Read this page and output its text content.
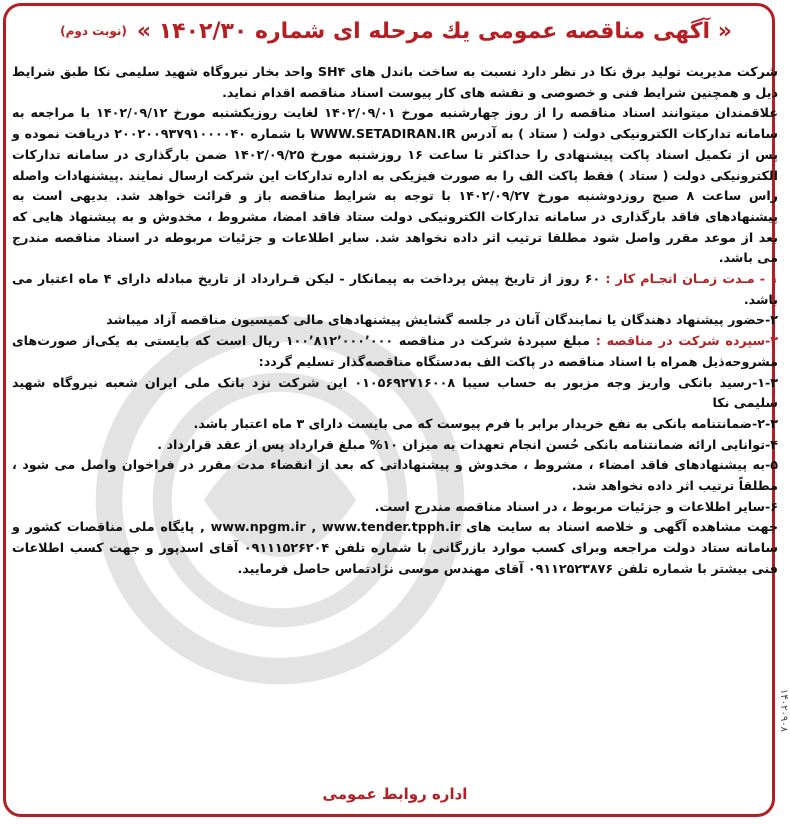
« آگهی مناقصه عمومی یك مرحله ای شماره ۱۴۰۲/۳۰ »
(نوبت دوم)

شرکت مدیریت تولید برق نکا در نظر دارد نسبت به ساخت باندل های SH۴ واحد بخار نیروگاه شهید سلیمی نکا طبق شرایط ذیل و همچنین شرایط فنی و خصوصی و نقشه های کار پیوست اسناد مناقصه اقدام نماید.

علاقمندان میتوانند اسناد مناقصه را از روز چهارشنبه مورخ ۱۴۰۲/۰۹/۰۱ لغایت روزیکشنبه مورخ ۱۴۰۲/۰۹/۱۲ با مراجعه به سامانه تدارکات الکترونیکی دولت ( ستاد ) به آدرس WWW.SETADIRAN.IR با شماره ۲۰۰۲۰۰۹۳۷۹۱۰۰۰۰۴۰ دریافت نموده و پس از تکمیل اسناد پاکت پیشنهادی را حداکثر تا ساعت ۱۶ روزشنبه مورخ ۱۴۰۲/۰۹/۲۵ ضمن بارگذاری در سامانه تدارکات الکترونیکی دولت ( ستاد ) فقط پاکت الف را به صورت فیزیکی به اداره تدارکات این شرکت ارسال نمایند .پیشنهادات واصله راس ساعت ۸ صبح روزدوشنبه مورخ ۱۴۰۲/۰۹/۲۷ با توجه به شرایط مناقصه باز و قرائت خواهد شد. بدیهی است به پیشنهادهای فاقد بارگذاری در سامانه تدارکات الکترونیکی دولت ستاد فاقد امضا، مشروط ، مخدوش و به پیشنهاد هایی که بعد از موعد مقرر واصل شود مطلقا ترتیب اثر داده نخواهد شد. سایر اطلاعات و جزئیات مربوطه در اسناد مناقصه مندرج می باشد.

۱ - مـدت زمـان انجـام کار : ۶۰ روز از تاریخ پیش پرداخت به پیمانکار - لیکن قـرارداد از تاریخ مبادله دارای ۴ ماه اعتبار می باشد.

۲-حضور پیشنهاد دهندگان یا نمایندگان آنان در جلسه گشایش پیشنهادهای مالی کمیسیون مناقصه آزاد میباشد

۳-سپرده شرکت در مناقصه : مبلغ سپردهٔ شرکت در مناقصه ۱۰۰٬۸۱۲٬۰۰۰٬۰۰۰ ریال است که بایستی به یکی‌از صورت‌های مشروحه‌ذیل همراه با اسناد مناقصه در پاکت الف به‌دستگاه مناقصه‌گذار تسلیم گردد:

۱-۳-رسید بانکی واریز وجه مزبور به حساب سیبا ۰۱۰۵۶۹۲۷۱۶۰۰۸ این شرکت نزد بانک ملی ایران شعبه نیروگاه شهید سلیمی نکا

۲-۳-ضمانتنامه بانکی به نفع خریدار برابر با فرم پیوست که می بایست دارای ۳ ماه اعتبار باشد.

۴-توانایی ارائه ضمانتنامه بانکی حُسن انجام تعهدات به میزان ۱۰% مبلغ قرارداد پس از عقد قرارداد .

۵-به پیشنهادهای فاقد امضاء ، مشروط ، مخدوش و پیشنهاداتی که بعد از انقضاء مدت مقرر در فراخوان واصل می شود ، مطلقاً ترتیب اثر داده نخواهد شد.

۶-سایر اطلاعات و جزئیات مربوط ، در اسناد مناقصه مندرج است.

جهت مشاهده آگهی و خلاصه اسناد به سایت های www.npgm.ir , www.tender.tpph.ir , پایگاه ملی مناقصات کشور و سامانه ستاد دولت مراجعه وبرای کسب موارد بازرگانی با شماره تلفن ۰۹۱۱۱۵۲۶۲۰۴ آقای اسدپور و جهت کسب اطلاعات فنی بیشتر با شماره تلفن ۰۹۱۱۲۵۲۳۸۷۶ آقای مهندس موسی نژادتماس حاصل فرمایید.

اداره روابط عمومی
۱۴۰۲۰۹۰۸
